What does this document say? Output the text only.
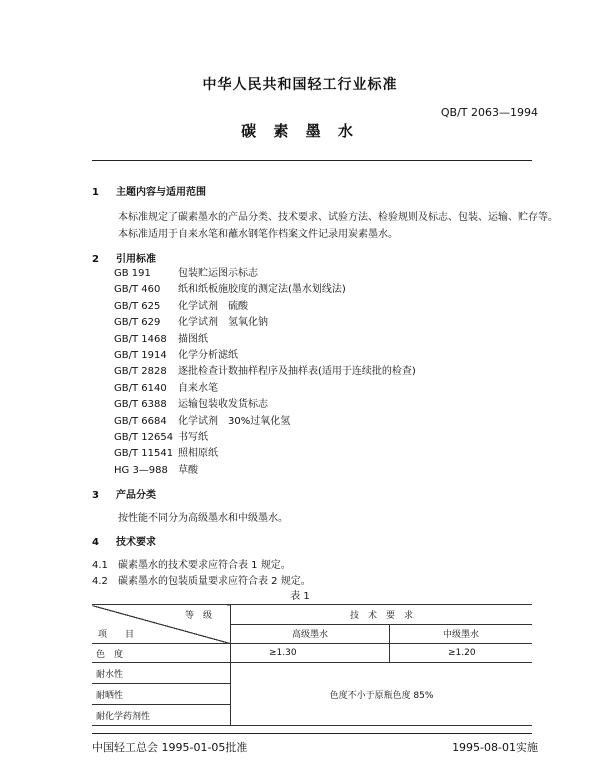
中华人民共和国轻工行业标准
QB/T 2063—1994
碳 素 墨 水
1 主题内容与适用范围
本标准规定了碳素墨水的产品分类、技术要求、试验方法、检验规则及标志、包装、运输、贮存等。
本标准适用于自来水笔和蘸水钢笔作档案文件记录用炭素墨水。
2 引用标准
GB 191	包装贮运图示标志
GB/T 460 纸和纸板施胶度的测定法(墨水划线法)
GB/T 625 化学试剂　硫酸
GB/T 629 化学试剂　氢氧化钠
GB/T 1468 描图纸
GB/T 1914 化学分析滤纸
GB/T 2828 逐批检查计数抽样程序及抽样表(适用于连续批的检查)
GB/T 6140 自来水笔
GB/T 6388 运输包装收发货标志
GB/T 6684 化学试剂　30%过氧化氢
GB/T 12654 书写纸
GB/T 11541 照相原纸
HG 3—988 草酸
3 产品分类
按性能不同分为高级墨水和中级墨水。
4 技术要求
4.1 碳素墨水的技术要求应符合表 1 规定。
4.2 碳素墨水的包装质量要求应符合表 2 规定。
表 1
等　级
项　　目	技　术　要　求	
	高级墨水	中级墨水
色　度	≥1.30	≥1.20
耐水性	色度不小于原瓶色度 85%	
耐晒性		
耐化学药剂性		
中国轻工总会 1995-01-05批准	1995-08-01实施
